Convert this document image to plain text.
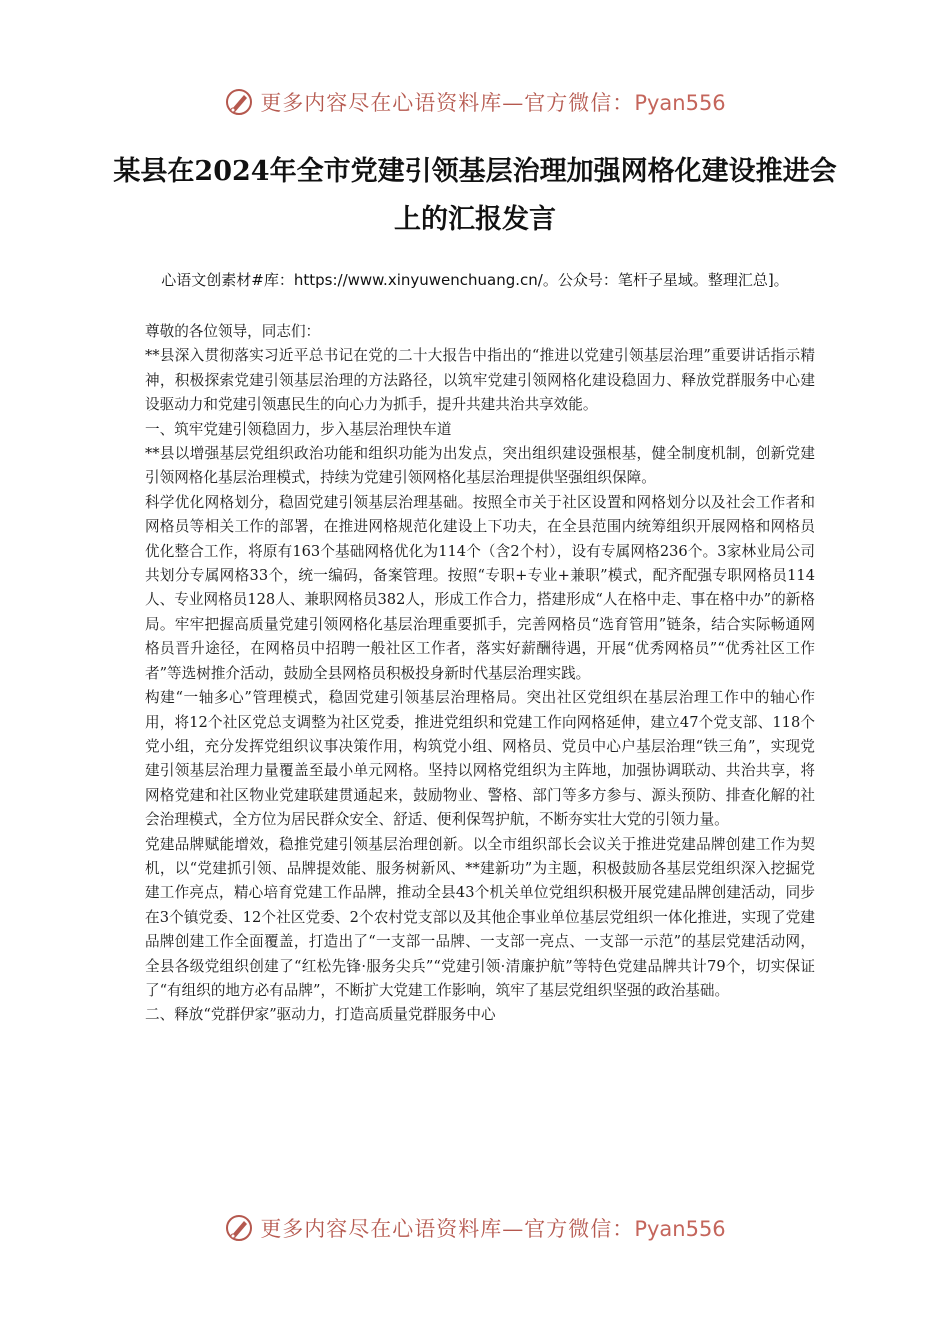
更多内容尽在心语资料库—官方微信：Pyan556
某县在2024年全市党建引领基层治理加强网格化建设推进会上的汇报发言
心语文创素材#库：https://www.xinyuwenchuang.cn/。公众号：笔杆子星域。整理汇总]。

尊敬的各位领导，同志们：

**县深入贯彻落实习近平总书记在党的二十大报告中指出的“推进以党建引领基层治理”重要讲话指示精神，积极探索党建引领基层治理的方法路径，以筑牢党建引领网格化建设稳固力、释放党群服务中心建设驱动力和党建引领惠民生的向心力为抓手，提升共建共治共享效能。

一、筑牢党建引领稳固力，步入基层治理快车道

**县以增强基层党组织政治功能和组织功能为出发点，突出组织建设强根基，健全制度机制，创新党建引领网格化基层治理模式，持续为党建引领网格化基层治理提供坚强组织保障。

科学优化网格划分，稳固党建引领基层治理基础。按照全市关于社区设置和网格划分以及社会工作者和网格员等相关工作的部署，在推进网格规范化建设上下功夫，在全县范围内统筹组织开展网格和网格员优化整合工作，将原有163个基础网格优化为114个（含2个村），设有专属网格236个。3家林业局公司共划分专属网格33个，统一编码，备案管理。按照“专职+专业+兼职”模式，配齐配强专职网格员114人、专业网格员128人、兼职网格员382人，形成工作合力，搭建形成“人在格中走、事在格中办”的新格局。牢牢把握高质量党建引领网格化基层治理重要抓手，完善网格员“选育管用”链条，结合实际畅通网格员晋升途径，在网格员中招聘一般社区工作者，落实好薪酬待遇，开展“优秀网格员”“优秀社区工作者”等选树推介活动，鼓励全县网格员积极投身新时代基层治理实践。

构建“一轴多心”管理模式，稳固党建引领基层治理格局。突出社区党组织在基层治理工作中的轴心作用，将12个社区党总支调整为社区党委，推进党组织和党建工作向网格延伸，建立47个党支部、118个党小组，充分发挥党组织议事决策作用，构筑党小组、网格员、党员中心户基层治理“铁三角”，实现党建引领基层治理力量覆盖至最小单元网格。坚持以网格党组织为主阵地，加强协调联动、共治共享，将网格党建和社区物业党建联建贯通起来，鼓励物业、警格、部门等多方参与、源头预防、排查化解的社会治理模式，全方位为居民群众安全、舒适、便利保驾护航，不断夯实壮大党的引领力量。

党建品牌赋能增效，稳推党建引领基层治理创新。以全市组织部长会议关于推进党建品牌创建工作为契机，以“党建抓引领、品牌提效能、服务树新风、**建新功”为主题，积极鼓励各基层党组织深入挖掘党建工作亮点，精心培育党建工作品牌，推动全县43个机关单位党组织积极开展党建品牌创建活动，同步在3个镇党委、12个社区党委、2个农村党支部以及其他企事业单位基层党组织一体化推进，实现了党建品牌创建工作全面覆盖，打造出了“一支部一品牌、一支部一亮点、一支部一示范”的基层党建活动网，全县各级党组织创建了“红松先锋·服务尖兵”“党建引领·清廉护航”等特色党建品牌共计79个，切实保证了“有组织的地方必有品牌”，不断扩大党建工作影响，筑牢了基层党组织坚强的政治基础。

二、释放“党群伊家”驱动力，打造高质量党群服务中心

更多内容尽在心语资料库—官方微信：Pyan556
